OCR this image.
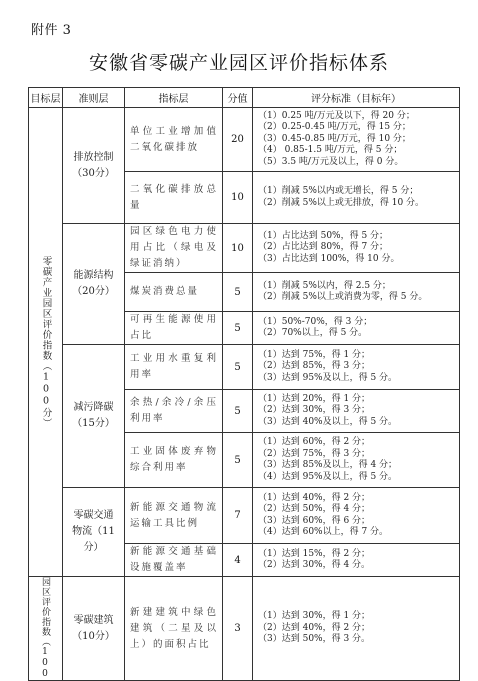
附件 3
安徽省零碳产业园区评价指标体系
目标层	准则层	指标层	分值	评分标准（目标年）

零碳产业园区评价指数（100分）	排放控制（30分）	单位工业增加值二氧化碳排放	20	（1）0.25 吨/万元及以下，得 20 分；
（2）0.25-0.45 吨/万元，得 15 分；
（3）0.45-0.85 吨/万元，得 10 分；
（4） 0.85-1.5 吨/万元，得 5 分；
（5）3.5 吨/万元及以上，得 0 分。

		二氧化碳排放总量	10	（1）削减 5%以内或无增长，得 5 分；
（2）削减 5%以上或无排放，得 10 分。

	能源结构（20分）	园区绿色电力使用占比（绿电及绿证消纳）	10	（1）占比达到 50%，得 5 分；
（2）占比达到 80%，得 7 分；
（3）占比达到 100%，得 10 分。

		煤炭消费总量	5	（1）削减 5%以内，得 2.5 分；
（2）削减 5%以上或消费为零，得 5 分。

		可再生能源使用占比	5	（1）50%-70%，得 3 分；
（2）70%以上，得 5 分。

	减污降碳（15分）	工业用水重复利用率	5	（1）达到 75%，得 1 分；
（2）达到 85%，得 3 分；
（3）达到 95%及以上，得 5 分。

		余热/余冷/余压利用率	5	（1）达到 20%，得 1 分；
（2）达到 30%，得 3 分；
（3）达到 40%及以上，得 5 分。

		工业固体废弃物综合利用率	5	（1）达到 60%，得 2 分；
（2）达到 75%，得 3 分；
（3）达到 85%及以上，得 4 分；
（4）达到 95%及以上，得 5 分。

	零碳交通物流（11分）	新能源交通物流运输工具比例	7	（1）达到 40%，得 2 分；
（2）达到 50%，得 4 分；
（3）达到 60%，得 6 分；
（4）达到 60%以上，得 7 分。

		新能源交通基础设施覆盖率	4	（1）达到 15%，得 2 分；
（2）达到 30%，得 4 分。

园区评价指数（100	零碳建筑（10分）	新建建筑中绿色建筑（二星及以上）的面积占比	3	（1）达到 30%，得 1 分；
（2）达到 40%，得 2 分；
（3）达到 50%，得 3 分。
